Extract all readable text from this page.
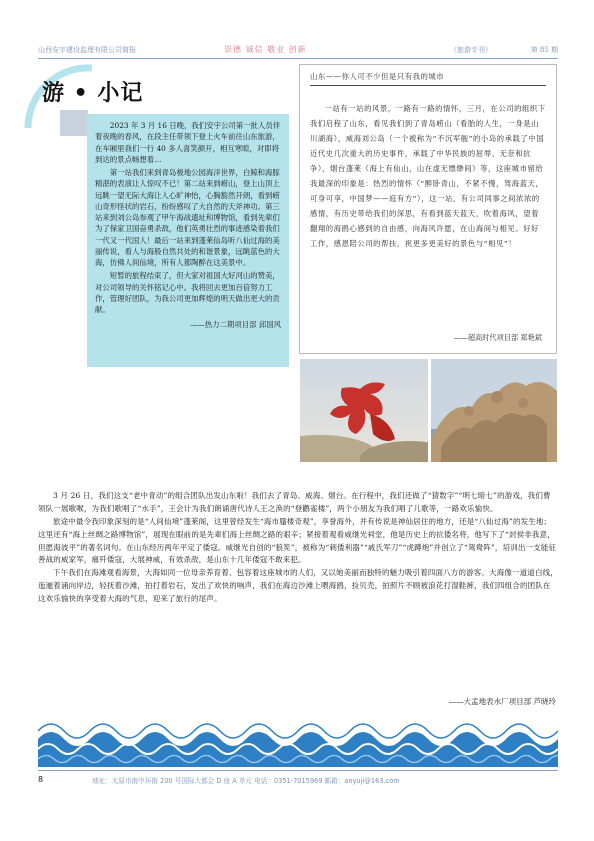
山西安宇建设监理有限公司简报	崇德 诚信 敬业 创新	（旅游专刊）	第 85 期
游 • 小记

2023 年 3 月 16 日晚，我们安宇公司第一批人员伴着夜晚的春风，在段主任带领下登上火车前往山东旅游，在车厢里我们一行 40 多人喜笑颜开，相互寒暄，对即将到达的景点畅想着…

第一站我们来到青岛极地公园海洋世界，白鲸和海豚精湛的表演让人惊叹不已！第二站来到崂山，登上山顶上远眺一望无际大海让人心旷神怡，心胸豁然开朗，看到崂山奇形怪状的岩石，纷纷感叹了大自然的天斧神功。第三站来到刘公岛参观了甲午海战遗址和博物馆，看到先辈们为了保家卫国奋勇杀敌，他们英勇壮烈的事迹感染着我们一代又一代国人！最后一站来到蓬莱仙岛听八仙过海的美丽传说，看人与海般自然共处的和谐景象，远眺蓝色的大海，仿佛人间仙境，所有人都陶醉在这美景中。

短暂的旅程结束了，但大家对祖国大好河山的赞美，对公司领导的关怀铭记心中。我将回去更加百倍努力工作，管理好团队，为我公司更加辉煌的明天做出更大的贡献。

——热力二期项目部 邱国风
山东——你人可不少但是只有我的城市
一站有一站的风景，一路有一路的情怀，三月，在公司的组织下我们启程了山东，看见我们到了青岛崂山（看胎的人生，一身是山川湖海），威海刘公岛（一个被称为“不沉军舰”的小岛的承载了中国近代史几次重大的历史事件，承载了中华民族的屈辱、无奈和抗争），烟台蓬莱（海上有仙山，山在虚无缥缈间）等，这座城市留给我最深的印象是：热烈的情怀（“醉卧青山，不紧不慢，驾海蓝天，可身可享，中国梦——庭有方”），这一站，有公司同事之间浓浓的感情，有历史带给我们的深思，有看到蓝天蓝天，吹着海风，望着翻翔的海鸥心感到的自由感，向海风许愿，在山海间与相见。好好工作，感恩陪公司的帮扶，祝更多更美好的景色与“相见”！
——超高时代项目部 郑艳斌

3 月 26 日，我们这支“老中青动”的组合团队出发山东啦！我们去了青岛、威海、烟台。在行程中，我们还做了“猜数字”“明七暗七”的游戏，我们曹领队一展歌喉，为我们歌唱了“水手”，王会计为我们朗诵唐代诗人王之涣的“登鹳雀楼”，两个小朋友为我们唱了儿歌等，一路欢乐愉快。

旅途中最令我印象深刻的是“人间仙境”蓬莱阁，这里曾经发生“海市蜃楼奇观”，享誉海外，并有传说是神仙居住的地方，还是“八仙过海”的发生地；这里还有“海上丝绸之路博物馆”，展现在眼前的是先辈们海上丝绸之路的艰辛；紧接着观看威继光祠堂，他是历史上的抗倭名将，他写下了“封侯非我意，但愿海波平”的著名词句。在山东经历两年平定了倭寇。威继光自创的“狼筅”，被称为“刺倭利器”“戚氏军刀”“虎蹲炮”并创立了“鸳鸯阵”，培训出一支能征善战的威家军，痛歼倭寇，大展神威，有效杀敌，是山东十几年倭寇不敢来犯。

下午我们在海滩观看海景，大海如同一位母亲养育着、包容着这座城市的人们，又以她美丽而独特的魅力吸引着四面八方的游客。大海像一道道白线，迤逦着涌向岸边，轻抚着沙滩，拍打着岩石，发出了欢快的响声，我们在海边沙滩上喂海鸥，捡贝壳，拍照片不顾被浪花打湿鞋裤，我们四组合的团队在这欢乐愉快的享受着大海的气息，迎来了旅行的尾声。

——大孟地表水厂项目部 芦晓玲
8	地址：太原市南中环街 200 号国际大都会 D 座 A 单元 电话：0351-7015969 邮箱：anyuji@163.com
